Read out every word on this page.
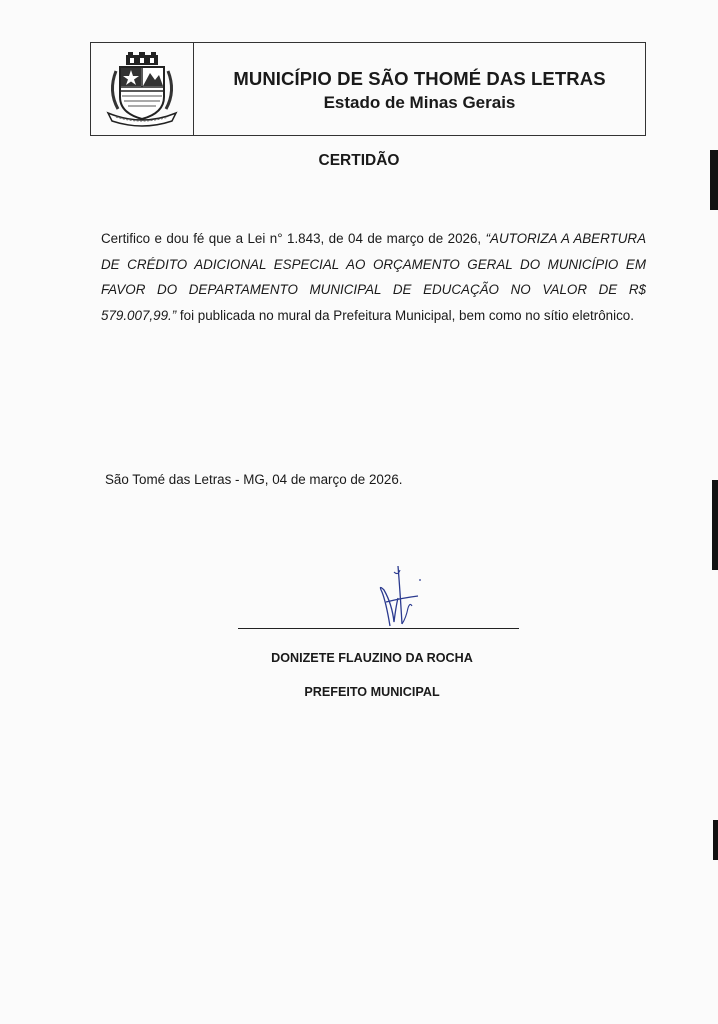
MUNICÍPIO DE SÃO THOMÉ DAS LETRAS
Estado de Minas Gerais
CERTIDÃO
Certifico e dou fé que a Lei n° 1.843, de 04 de março de 2026, “AUTORIZA A ABERTURA DE CRÉDITO ADICIONAL ESPECIAL AO ORÇAMENTO GERAL DO MUNICÍPIO EM FAVOR DO DEPARTAMENTO MUNICIPAL DE EDUCAÇÃO NO VALOR DE R$ 579.007,99.” foi publicada no mural da Prefeitura Municipal, bem como no sítio eletrônico.
São Tomé das Letras - MG, 04 de março de 2026.
DONIZETE FLAUZINO DA ROCHA
PREFEITO MUNICIPAL
